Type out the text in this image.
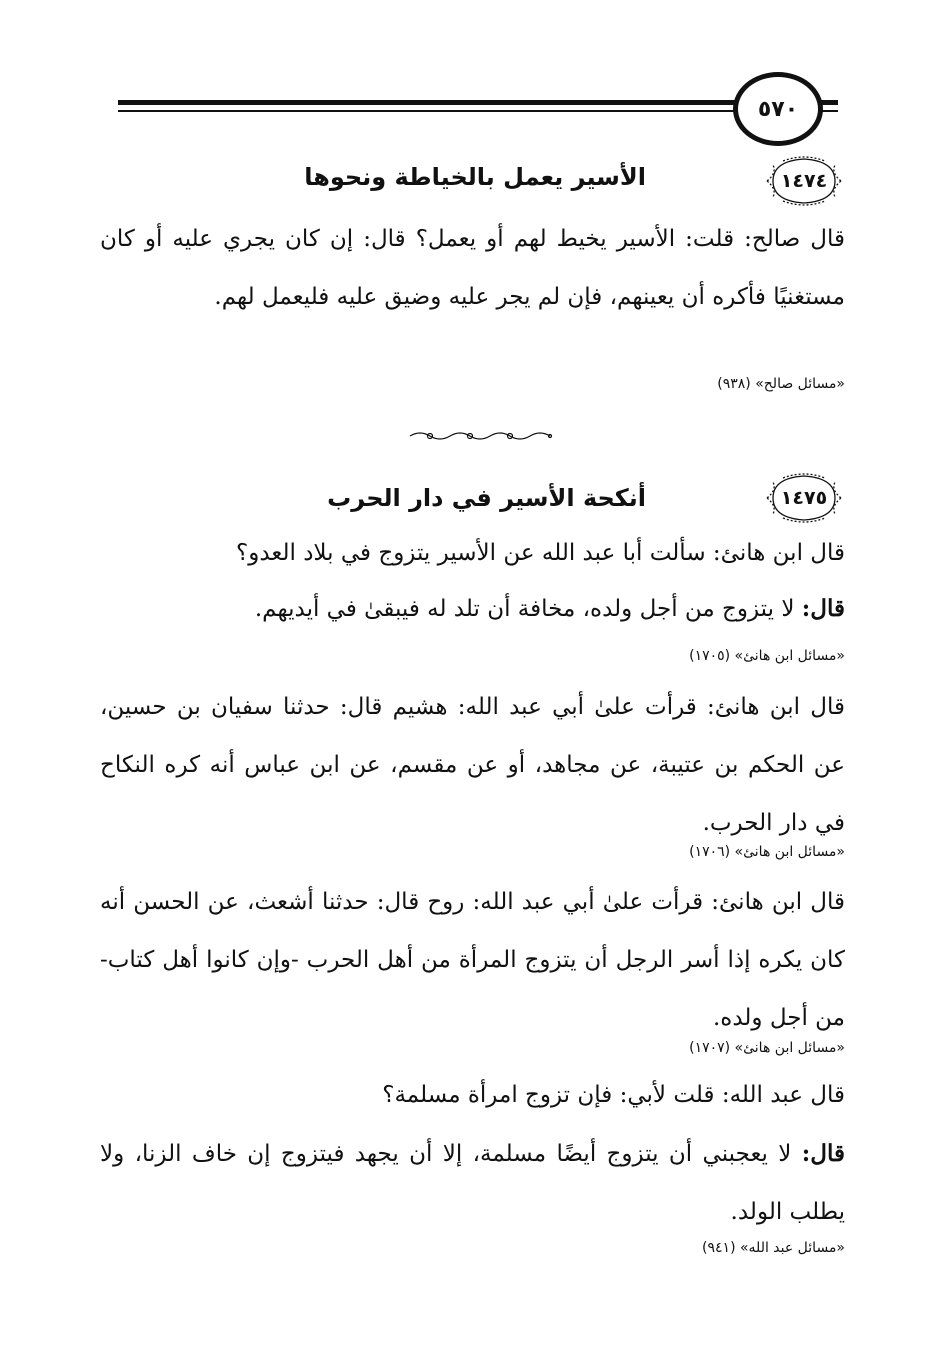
٥٧٠
١٤٧٤
الأسير يعمل بالخياطة ونحوها
قال صالح: قلت: الأسير يخيط لهم أو يعمل؟ قال: إن كان يجري عليه أو كان مستغنيًا فأكره أن يعينهم، فإن لم يجر عليه وضيق عليه فليعمل لهم.
«مسائل صالح» (٩٣٨)
١٤٧٥
أنكحة الأسير في دار الحرب
قال ابن هانئ: سألت أبا عبد الله عن الأسير يتزوج في بلاد العدو؟
قال: لا يتزوج من أجل ولده، مخافة أن تلد له فيبقىٰ في أيديهم.
«مسائل ابن هانئ» (١٧٠٥)
قال ابن هانئ: قرأت علىٰ أبي عبد الله: هشيم قال: حدثنا سفيان بن حسين، عن الحكم بن عتيبة، عن مجاهد، أو عن مقسم، عن ابن عباس أنه كره النكاح في دار الحرب.
«مسائل ابن هانئ» (١٧٠٦)
قال ابن هانئ: قرأت علىٰ أبي عبد الله: روح قال: حدثنا أشعث، عن الحسن أنه كان يكره إذا أسر الرجل أن يتزوج المرأة من أهل الحرب -وإن كانوا أهل كتاب- من أجل ولده.
«مسائل ابن هانئ» (١٧٠٧)
قال عبد الله: قلت لأبي: فإن تزوج امرأة مسلمة؟
قال: لا يعجبني أن يتزوج أيضًا مسلمة، إلا أن يجهد فيتزوج إن خاف الزنا، ولا يطلب الولد.
«مسائل عبد الله» (٩٤١)
